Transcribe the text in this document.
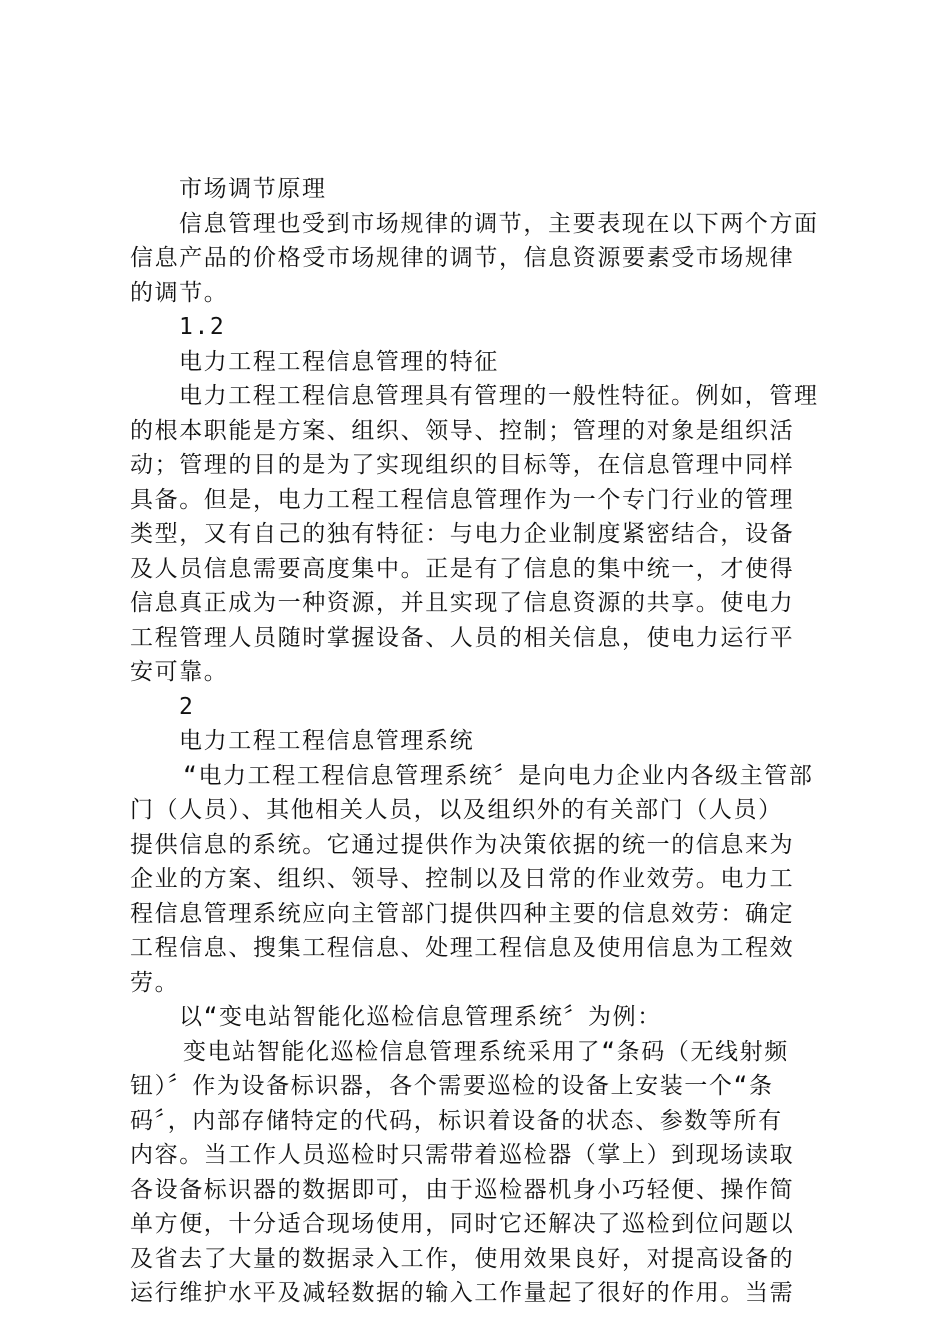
市场调节原理
信息管理也受到市场规律的调节，主要表现在以下两个方面
信息产品的价格受市场规律的调节，信息资源要素受市场规律
的调节。
1.2
电力工程工程信息管理的特征
电力工程工程信息管理具有管理的一般性特征。例如，管理
的根本职能是方案、组织、领导、控制；管理的对象是组织活
动；管理的目的是为了实现组织的目标等，在信息管理中同样
具备。但是，电力工程工程信息管理作为一个专门行业的管理
类型，又有自己的独有特征：与电力企业制度紧密结合，设备
及人员信息需要高度集中。正是有了信息的集中统一，才使得
信息真正成为一种资源，并且实现了信息资源的共享。使电力
工程管理人员随时掌握设备、人员的相关信息，使电力运行平
安可靠。
2
电力工程工程信息管理系统
“电力工程工程信息管理系统〞是向电力企业内各级主管部
门（人员）、其他相关人员，以及组织外的有关部门（人员）
提供信息的系统。它通过提供作为决策依据的统一的信息来为
企业的方案、组织、领导、控制以及日常的作业效劳。电力工
程信息管理系统应向主管部门提供四种主要的信息效劳：确定
工程信息、搜集工程信息、处理工程信息及使用信息为工程效
劳。
以“变电站智能化巡检信息管理系统〞为例：
变电站智能化巡检信息管理系统采用了“条码（无线射频
钮）〞作为设备标识器，各个需要巡检的设备上安装一个“条
码〞，内部存储特定的代码，标识着设备的状态、参数等所有
内容。当工作人员巡检时只需带着巡检器（掌上）到现场读取
各设备标识器的数据即可，由于巡检器机身小巧轻便、操作简
单方便，十分适合现场使用，同时它还解决了巡检到位问题以
及省去了大量的数据录入工作，使用效果良好，对提高设备的
运行维护水平及减轻数据的输入工作量起了很好的作用。当需
